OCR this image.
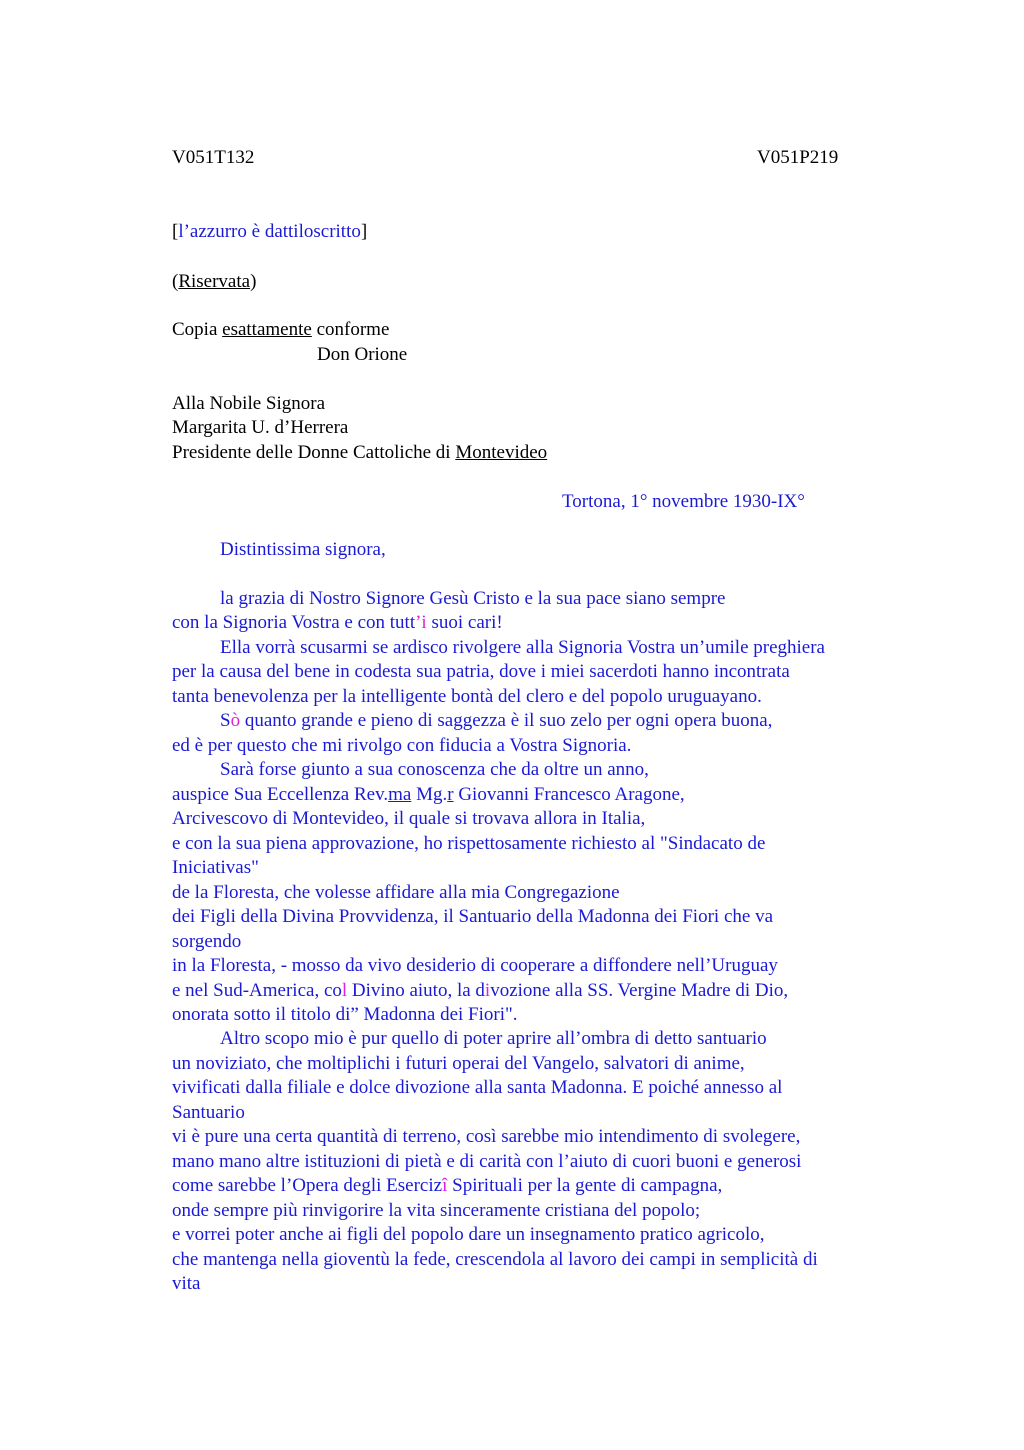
V051T132	V051P219
[l’azzurro è dattiloscritto]
(Riservata)
Copia esattamente conforme
Don Orione
Alla Nobile Signora
Margarita U. d’Herrera
Presidente delle Donne Cattoliche di Montevideo
Tortona, 1° novembre 1930-IX°
Distintissima signora,
la grazia di Nostro Signore Gesù Cristo e la sua pace siano sempre
con la Signoria Vostra e con tutt’i suoi cari!
Ella vorrà scusarmi se ardisco rivolgere alla Signoria Vostra un’umile preghiera
per la causa del bene in codesta sua patria, dove i miei sacerdoti hanno incontrata
tanta benevolenza per la intelligente bontà del clero e del popolo uruguayano.
Sò quanto grande e pieno di saggezza è il suo zelo per ogni opera buona,
ed è per questo che mi rivolgo con fiducia a Vostra Signoria.
Sarà forse giunto a sua conoscenza che da oltre un anno,
auspice Sua Eccellenza Rev.ma Mg.r Giovanni Francesco Aragone,
Arcivescovo di Montevideo, il quale si trovava allora in Italia,
e con la sua piena approvazione, ho rispettosamente richiesto al "Sindacato de
Iniciativas"
de la Floresta, che volesse affidare alla mia Congregazione
dei Figli della Divina Provvidenza, il Santuario della Madonna dei Fiori che va
sorgendo
in la Floresta, - mosso da vivo desiderio di cooperare a diffondere nell’Uruguay
e nel Sud-America, col Divino aiuto, la divozione alla SS. Vergine Madre di Dio,
onorata sotto il titolo di” Madonna dei Fiori".
Altro scopo mio è pur quello di poter aprire all’ombra di detto santuario
un noviziato, che moltiplichi i futuri operai del Vangelo, salvatori di anime,
vivificati dalla filiale e dolce divozione alla santa Madonna. E poiché annesso al
Santuario
vi è pure una certa quantità di terreno, così sarebbe mio intendimento di svolegere,
mano mano altre istituzioni di pietà e di carità con l’aiuto di cuori buoni e generosi
come sarebbe l’Opera degli Esercizî Spirituali per la gente di campagna,
onde sempre più rinvigorire la vita sinceramente cristiana del popolo;
e vorrei poter anche ai figli del popolo dare un insegnamento pratico agricolo,
che mantenga nella gioventù la fede, crescendola al lavoro dei campi in semplicità di
vita
